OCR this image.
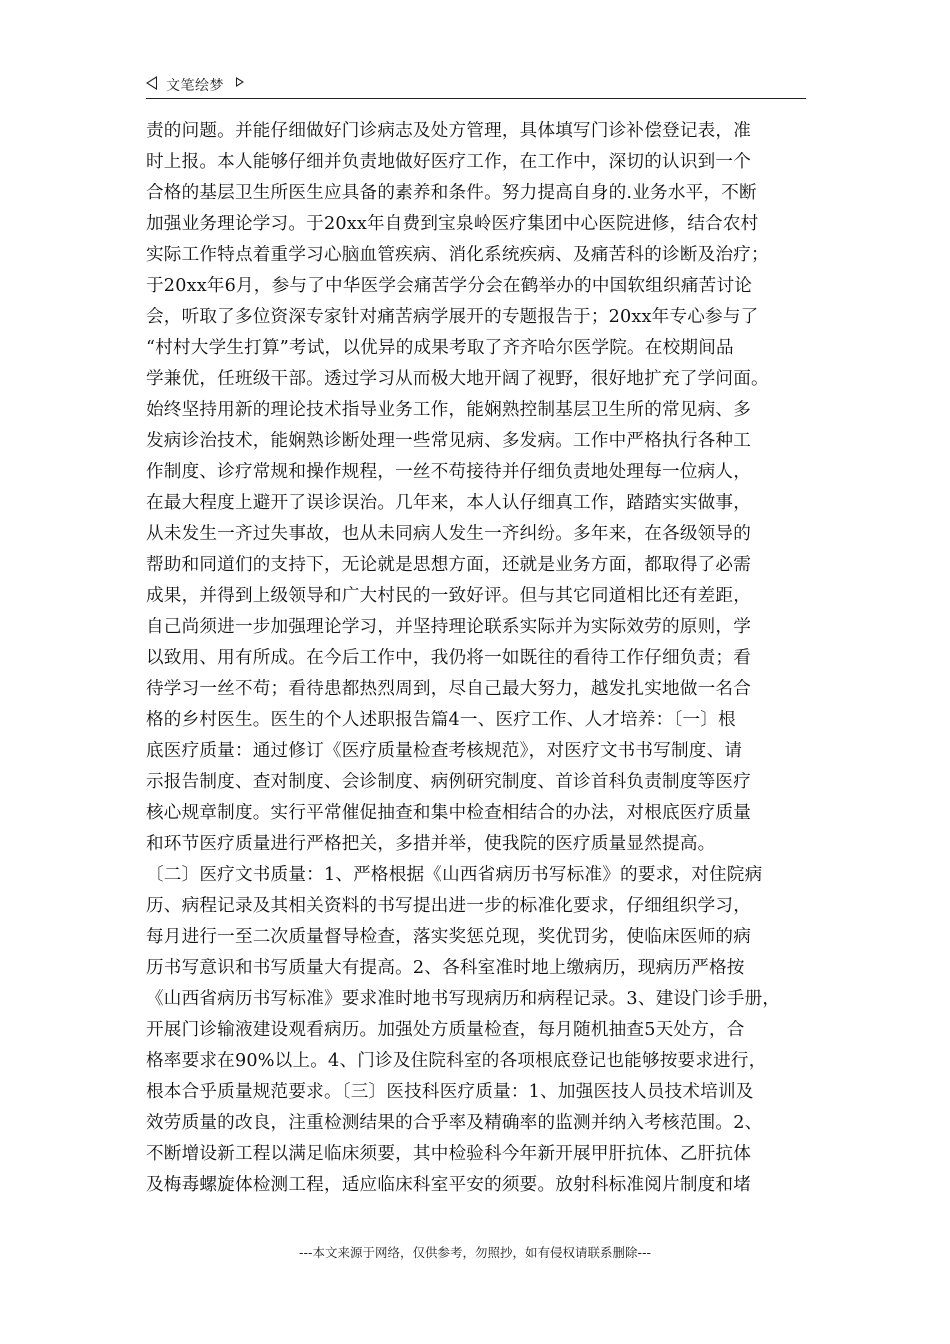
文笔绘梦
责的问题。并能仔细做好门诊病志及处方管理，具体填写门诊补偿登记表，准
时上报。本人能够仔细并负责地做好医疗工作，在工作中，深切的认识到一个
合格的基层卫生所医生应具备的素养和条件。努力提高自身的.业务水平，不断
加强业务理论学习。于20xx年自费到宝泉岭医疗集团中心医院进修，结合农村
实际工作特点着重学习心脑血管疾病、消化系统疾病、及痛苦科的诊断及治疗；
于20xx年6月，参与了中华医学会痛苦学分会在鹤举办的中国软组织痛苦讨论
会，听取了多位资深专家针对痛苦病学展开的专题报告于；20xx年专心参与了
“村村大学生打算”考试，以优异的成果考取了齐齐哈尔医学院。在校期间品
学兼优，任班级干部。透过学习从而极大地开阔了视野，很好地扩充了学问面。
始终坚持用新的理论技术指导业务工作，能娴熟控制基层卫生所的常见病、多
发病诊治技术，能娴熟诊断处理一些常见病、多发病。工作中严格执行各种工
作制度、诊疗常规和操作规程，一丝不苟接待并仔细负责地处理每一位病人，
在最大程度上避开了误诊误治。几年来，本人认仔细真工作，踏踏实实做事，
从未发生一齐过失事故，也从未同病人发生一齐纠纷。多年来，在各级领导的
帮助和同道们的支持下，无论就是思想方面，还就是业务方面，都取得了必需
成果，并得到上级领导和广大村民的一致好评。但与其它同道相比还有差距，
自己尚须进一步加强理论学习，并坚持理论联系实际并为实际效劳的原则，学
以致用、用有所成。在今后工作中，我仍将一如既往的看待工作仔细负责；看
待学习一丝不苟；看待患都热烈周到，尽自己最大努力，越发扎实地做一名合
格的乡村医生。医生的个人述职报告篇4一、医疗工作、人才培养：〔一〕根
底医疗质量：通过修订《医疗质量检查考核规范》，对医疗文书书写制度、请
示报告制度、查对制度、会诊制度、病例研究制度、首诊首科负责制度等医疗
核心规章制度。实行平常催促抽查和集中检查相结合的办法，对根底医疗质量
和环节医疗质量进行严格把关，多措并举，使我院的医疗质量显然提高。
〔二〕医疗文书质量：1、严格根据《山西省病历书写标准》的要求，对住院病
历、病程记录及其相关资料的书写提出进一步的标准化要求，仔细组织学习，
每月进行一至二次质量督导检查，落实奖惩兑现，奖优罚劣，使临床医师的病
历书写意识和书写质量大有提高。2、各科室准时地上缴病历，现病历严格按
《山西省病历书写标准》要求准时地书写现病历和病程记录。3、建设门诊手册，
开展门诊输液建设观看病历。加强处方质量检查，每月随机抽查5天处方，合
格率要求在90%以上。4、门诊及住院科室的各项根底登记也能够按要求进行，
根本合乎质量规范要求。〔三〕医技科医疗质量：1、加强医技人员技术培训及
效劳质量的改良，注重检测结果的合乎率及精确率的监测并纳入考核范围。2、
不断增设新工程以满足临床须要，其中检验科今年新开展甲肝抗体、乙肝抗体
及梅毒螺旋体检测工程，适应临床科室平安的须要。放射科标准阅片制度和堵
---本文来源于网络，仅供参考，勿照抄，如有侵权请联系删除---
